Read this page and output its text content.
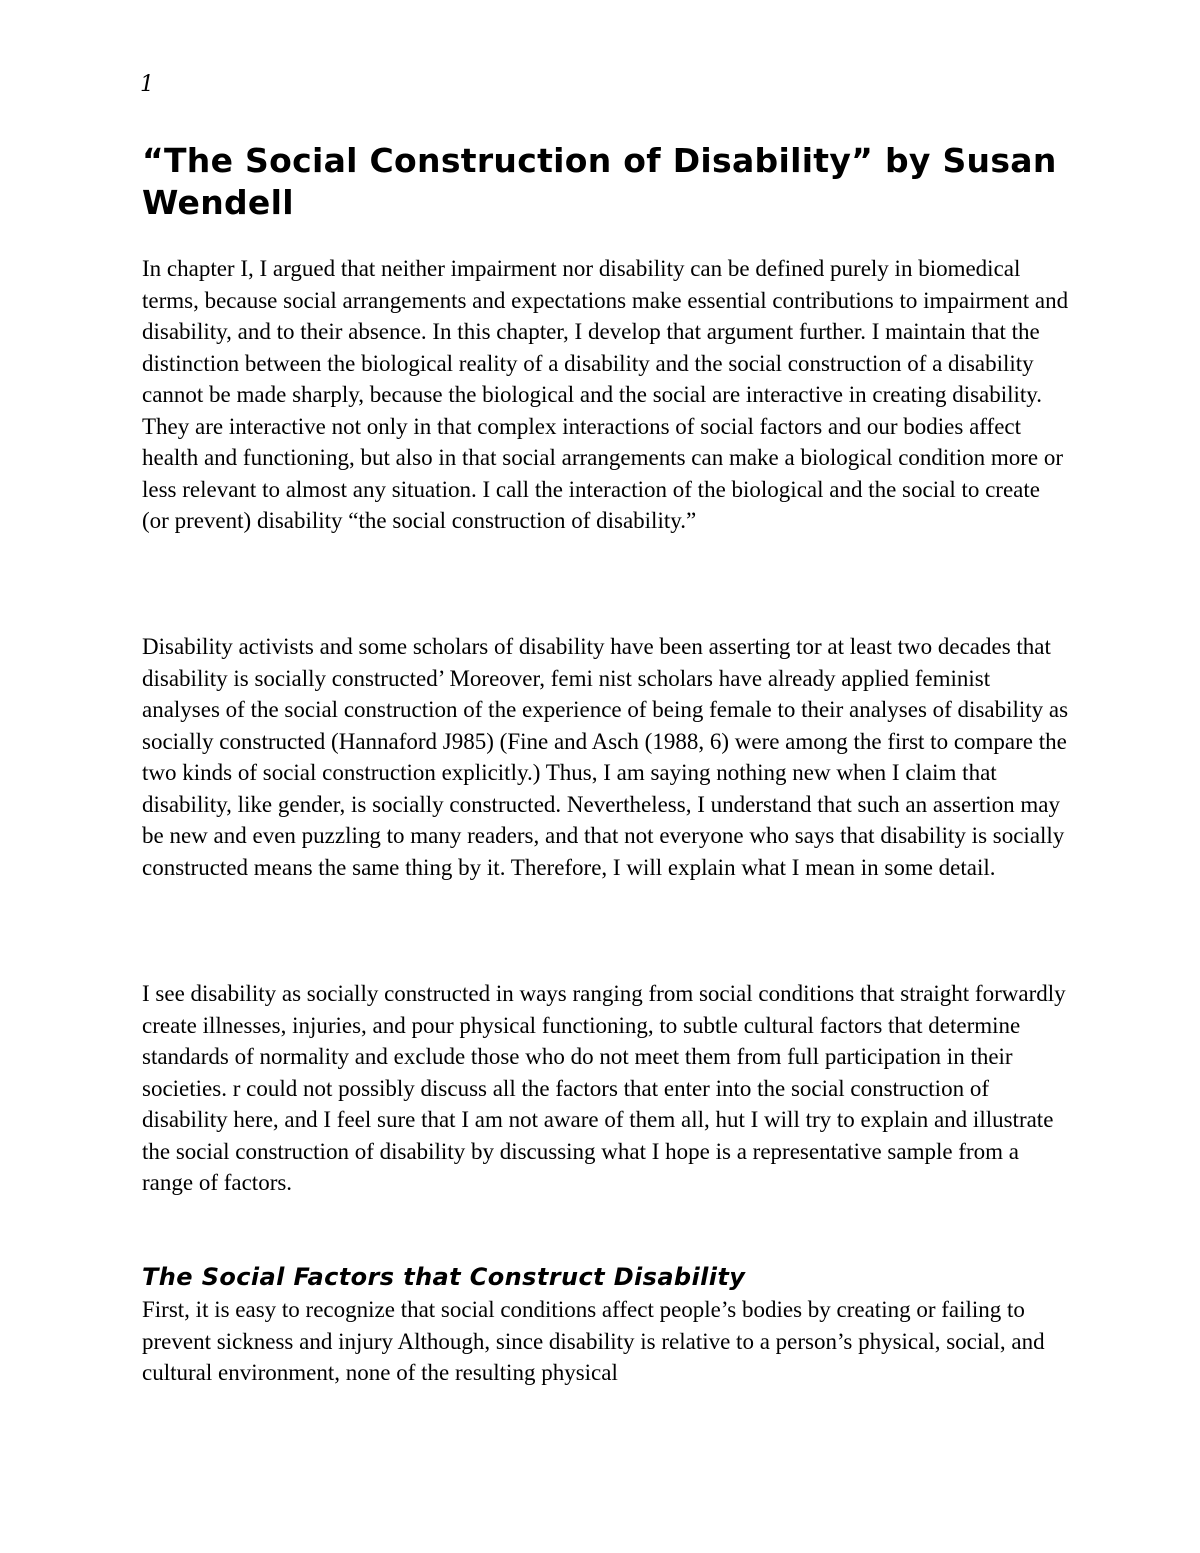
1
“The Social Construction of Disability” by Susan Wendell

In chapter I, I argued that neither impairment nor disability can be defined purely in biomedical terms, because social arrangements and expectations make essential contributions to impairment and disability, and to their absence. In this chapter, I develop that argument further. I maintain that the distinction between the biological reality of a disability and the social construction of a disability cannot be made sharply, because the biological and the social are interactive in creating disability. They are interactive not only in that complex interactions of social factors and our bodies affect health and functioning, but also in that social arrangements can make a biological condition more or less relevant to almost any situation. I call the interaction of the biological and the social to create (or prevent) disability “the social construction of disability.”

Disability activists and some scholars of disability have been asserting tor at least two decades that disability is socially constructed’ Moreover, femi nist scholars have already applied feminist analyses of the social construction of the experience of being female to their analyses of disability as socially constructed (Hannaford J985) (Fine and Asch (1988, 6) were among the first to compare the two kinds of social construction explicitly.) Thus, I am saying nothing new when I claim that disability, like gender, is socially constructed. Nevertheless, I understand that such an assertion may be new and even puzzling to many readers, and that not everyone who says that disability is socially constructed means the same thing by it. Therefore, I will explain what I mean in some detail.

I see disability as socially constructed in ways ranging from social conditions that straight forwardly create illnesses, injuries, and pour physical functioning, to subtle cultural factors that determine standards of normality and exclude those who do not meet them from full participation in their societies. r could not possibly discuss all the factors that enter into the social construction of disability here, and I feel sure that I am not aware of them all, hut I will try to explain and illustrate the social construction of disability by discussing what I hope is a representative sample from a range of factors.

The Social Factors that Construct Disability

First, it is easy to recognize that social conditions affect people’s bodies by creating or failing to prevent sickness and injury Although, since disability is relative to a person’s physical, social, and cultural environment, none of the resulting physical
